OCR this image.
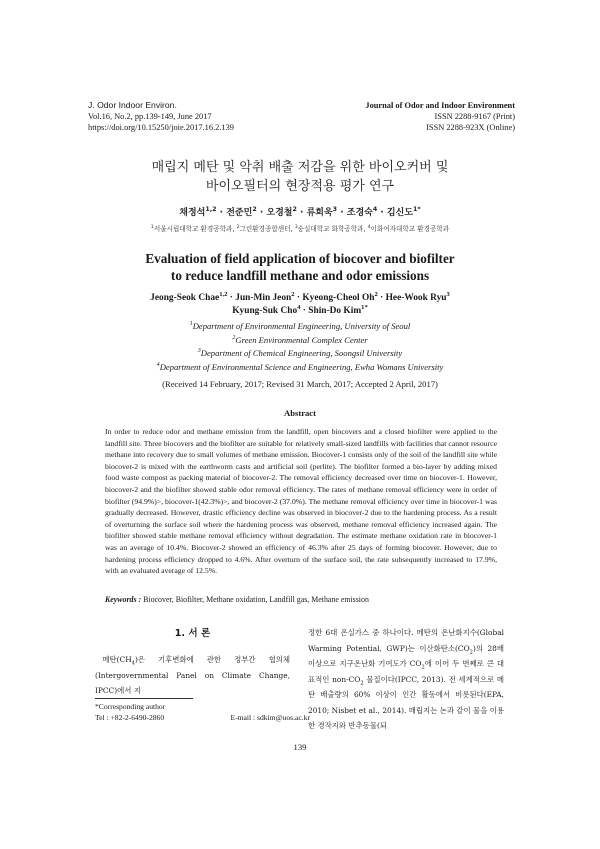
J. Odor Indoor Environ.
Vol.16, No.2, pp.139-149, June 2017
https://doi.org/10.15250/joie.2017.16.2.139
Journal of Odor and Indoor Environment
ISSN 2288-9167 (Print)
ISSN 2288-923X (Online)
매립지 메탄 및 악취 배출 저감을 위한 바이오커버 및
바이오필터의 현장적용 평가 연구
채정석$^{1,2}$ · 전준민$^2$ · 오경철$^2$ · 류희욱$^3$ · 조경숙$^4$ · 김신도$^{1*}$
$^1$서울시립대학교 환경공학과, $^2$그린환경종합센터, $^3$숭실대학교 화학공학과, $^4$이화여자대학교 환경공학과
Evaluation of field application of biocover and biofilter
to reduce landfill methane and odor emissions
Jeong-Seok Chae$^{1,2}$ · Jun-Min Jeon$^2$ · Kyeong-Cheol $Oh^2$ · Hee-Wook Ryu$^3$
Kyung-Suk Cho$^4$ · Shin-Do Kim$^{1*}$
$^1$Department of Environmental Engineering, University of Seoul
$^2$Green Environmental Complex Center
$^3$Department of Chemical Engineering, Soongsil University
$^4$Department of Environmental Science and Engineering, Ewha Womans University
(Received 14 February, 2017; Revised 31 March, 2017; Accepted 2 April, 2017)
Abstract
In order to reduce odor and methane emission from the landfill, open biocovers and a closed biofilter were applied to the landfill site. Three biocovers and the biofilter are suitable for relatively small-sized landfills with facilities that cannot resource methane into recovery due to small volumes of methane emission. Biocover-1 consists only of the soil of the landfill site while biocover-2 is mixed with the earthworm casts and artificial soil (perlite). The biofilter formed a bio-layer by adding mixed food waste compost as packing material of biocover-2. The removal efficiency decreased over time on biocover-1. However, biocover-2 and the biofilter showed stable odor removal efficiency. The rates of methane removal efficiency were in order of biofilter (94.9%)>, biocover-1(42.3%)>, and biocover-2 (37.0%). The methane removal efficiency over time in biocover-1 was gradually decreased. However, drastic efficiency decline was observed in biocover-2 due to the hardening process. As a result of overturning the surface soil where the hardening process was observed, methane removal efficiency increased again. The biofilter showed stable methane removal efficiency without degradation. The estimate methane oxidation rate in biocover-1 was an average of 10.4%. Biocover-2 showed an efficiency of 46.3% after 25 days of forming biocover. However, due to hardening process efficiency dropped to 4.6%. After overturn of the surface soil, the rate subsequently increased to 17.9%, with an evaluated average of 12.5%.
Keywords : Biocover, Biofilter, Methane oxidation, Landfill gas, Methane emission
1. 서 론

 메탄$(CH_4)$은 기후변화에 관한 정부간 협의체(Intergovernmental Panel on Climate Change, IPCC)에서 지

정한 6대 온실가스 중 하나이다. 메탄의 온난화지수(Global Warming Potential, GWP)는 이산화탄소$(CO_2)$의 28배 이상으로 지구온난화 기여도가 $CO_2$에 이어 두 번째로 큰 대표적인 non-$CO_2$ 물질이다(IPCC, 2013). 전 세계적으로 메탄 배출량의 60% 이상이 인간 활동에서 비롯된다(EPA, 2010; Nisbet et al., 2014). 매립지는 논과 같이 물을 이용한 경작지와 반추동물(되

*Corresponding author
Tel : +82-2-6490-2860	E-mail : sdkim@uos.ac.kr
139
